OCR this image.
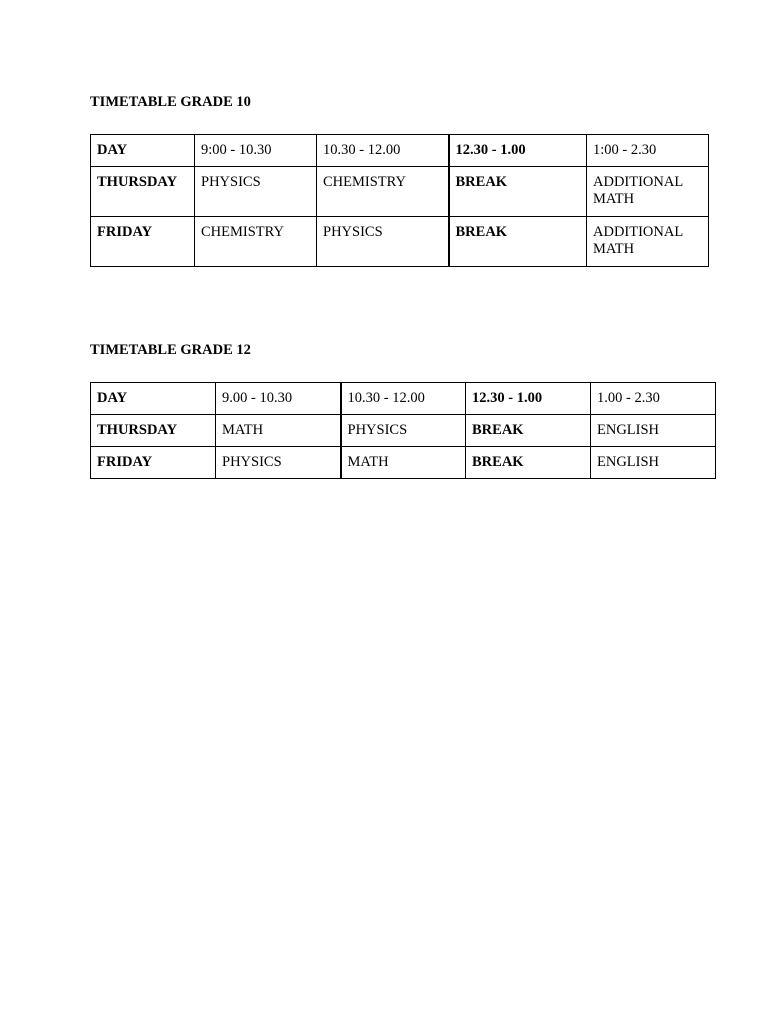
TIMETABLE GRADE 10
DAY	9:00 - 10.30	10.30 - 12.00	12.30 - 1.00	1:00 - 2.30
THURSDAY	PHYSICS	CHEMISTRY	BREAK	ADDITIONAL MATH
FRIDAY	CHEMISTRY	PHYSICS	BREAK	ADDITIONAL MATH
TIMETABLE GRADE 12
DAY	9.00 - 10.30	10.30 - 12.00	12.30 - 1.00	1.00 - 2.30
THURSDAY	MATH	PHYSICS	BREAK	ENGLISH
FRIDAY	PHYSICS	MATH	BREAK	ENGLISH
